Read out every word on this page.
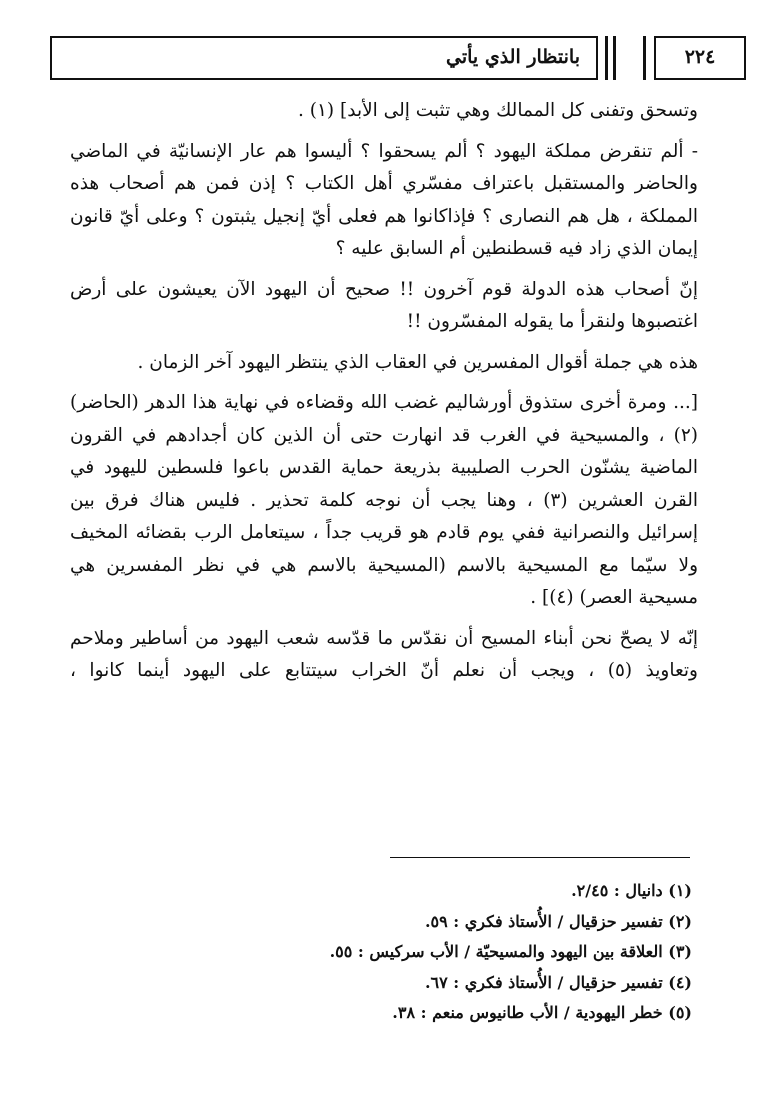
بانتظار الذي يأتي	٢٢٤

وتسحق وتفنى كل الممالك وهي تثبت إلى الأبد] (١) .

- ألم تنقرض مملكة اليهود ؟ ألم يسحقوا ؟ أليسوا هم عار الإنسانيّة في الماضي والحاضر والمستقبل باعتراف مفسّري أهل الكتاب ؟ إذن فمن هم أصحاب هذه المملكة ، هل هم النصارى ؟ فإذاكانوا هم فعلى أيّ إنجيل يثبتون ؟ وعلى أيّ قانون إيمان الذي زاد فيه قسطنطين أم السابق عليه ؟

إنّ أصحاب هذه الدولة قوم آخرون !! صحيح أن اليهود الآن يعيشون على أرض اغتصبوها ولنقرأ ما يقوله المفسّرون !!

هذه هي جملة أقوال المفسرين في العقاب الذي ينتظر اليهود آخر الزمان .

[... ومرة أخرى ستذوق أورشاليم غضب الله وقضاءه في نهاية هذا الدهر (الحاضر) (٢) ، والمسيحية في الغرب قد انهارت حتى أن الذين كان أجدادهم في القرون الماضية يشنّون الحرب الصليبية بذريعة حماية القدس باعوا فلسطين لليهود في القرن العشرين (٣) ، وهنا يجب أن نوجه كلمة تحذير . فليس هناك فرق بين إسرائيل والنصرانية ففي يوم قادم هو قريب جداً ، سيتعامل الرب بقضائه المخيف ولا سيّما مع المسيحية بالاسم (المسيحية بالاسم هي في نظر المفسرين هي مسيحية العصر) (٤)] .

إنّه لا يصحّ نحن أبناء المسيح أن نقدّس ما قدّسه شعب اليهود من أساطير وملاحم وتعاويذ (٥) ، ويجب أن نعلم أنّ الخراب سيتتابع على اليهود أينما كانوا ،

(١) دانيال : ٢/٤٥.
(٢) تفسير حزقيال / الأُستاذ فكري : ٥٩.
(٣) العلاقة بين اليهود والمسيحيّة / الأب سركيس : ٥٥.
(٤) تفسير حزقيال / الأُستاذ فكري : ٦٧.
(٥) خطر اليهودية / الأب طانيوس منعم : ٣٨.
